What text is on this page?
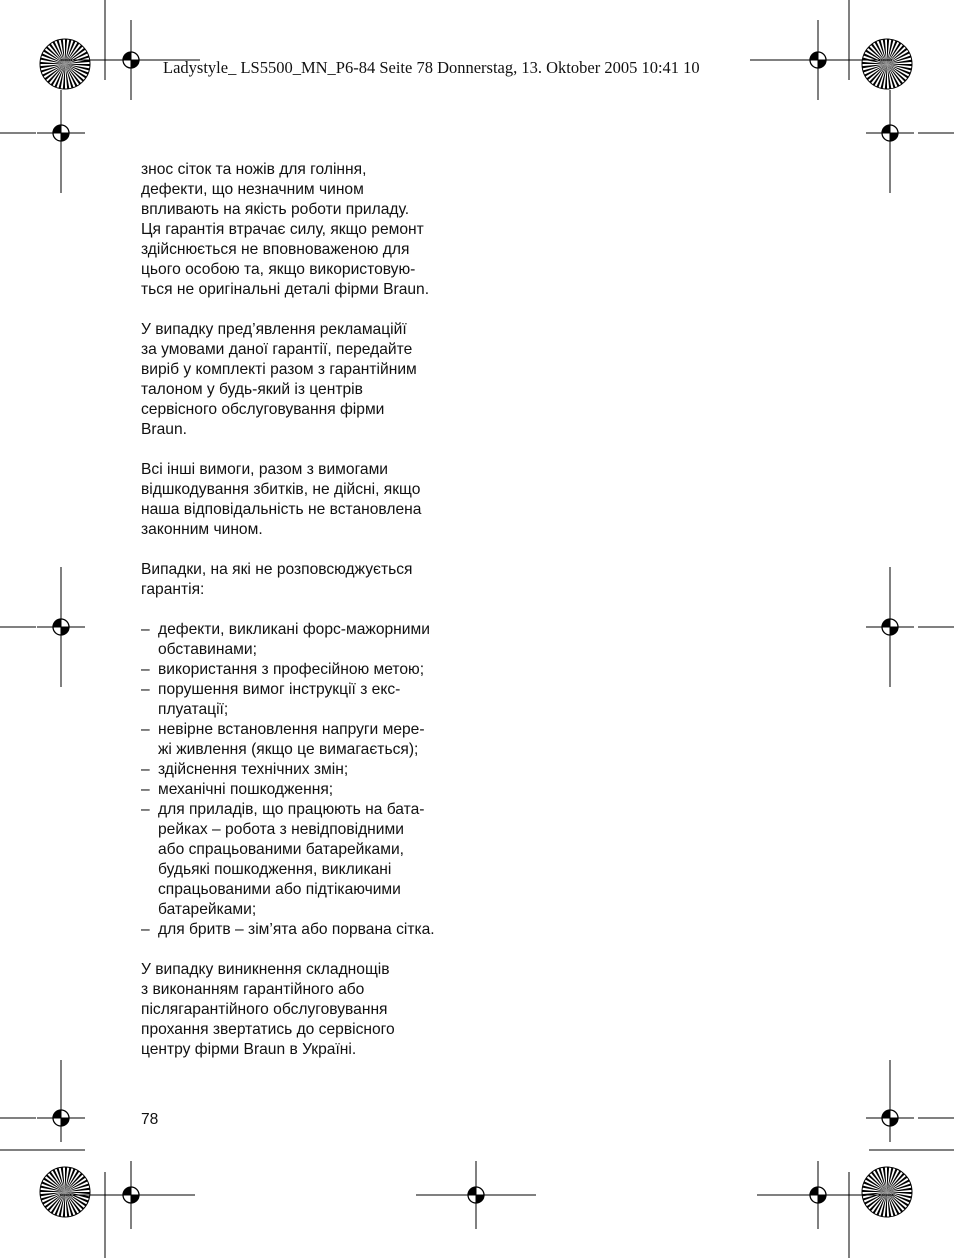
Ladystyle_ LS5500_MN_P6-84 Seite 78 Donnerstag, 13. Oktober 2005 10:41 10

знос сіток та ножів для гоління,
дефекти, що незначним чином
впливають на якість роботи приладу.
Ця гарантія втрачає силу, якщо ремонт
здійснюється не вповноваженою для
цього особою та, якщо використовую-
ться не оригінальні деталі фірми Braun.

У випадку пред’явлення рекламаційї
за умовами даної гарантії, передайте
виріб у комплекті разом з гарантійним
талоном у будь-який із центрів
сервісного обслуговування фірми
Braun.

Всі інші вимоги, разом з вимогами
відшкодування збитків, не дійсні, якщо
наша відповідальність не встановлена
законним чином.

Випадки, на які не розповсюджується
гарантія:

– дефекти, викликані форс-мажорними
обставинами;
– використання з професійною метою;
– порушення вимог інструкції з екс-
плуатації;
– невірне встановлення напруги мере-
жі живлення (якщо це вимагається);
– здійснення технічних змін;
– механічні пошкодження;
– для приладів, що працюють на бата-
рейках – робота з невідповідними
або спрацьованими батарейками,
будьякі пошкодження, викликані
спрацьованими або підтікаючими
батарейками;
– для бритв – зім’ята або порвана сітка.

У випадку виникнення складнощів
з виконанням гарантійного або
післягарантійного обслуговування
прохання звертатись до сервісного
центру фірми Braun в Україні.

78
